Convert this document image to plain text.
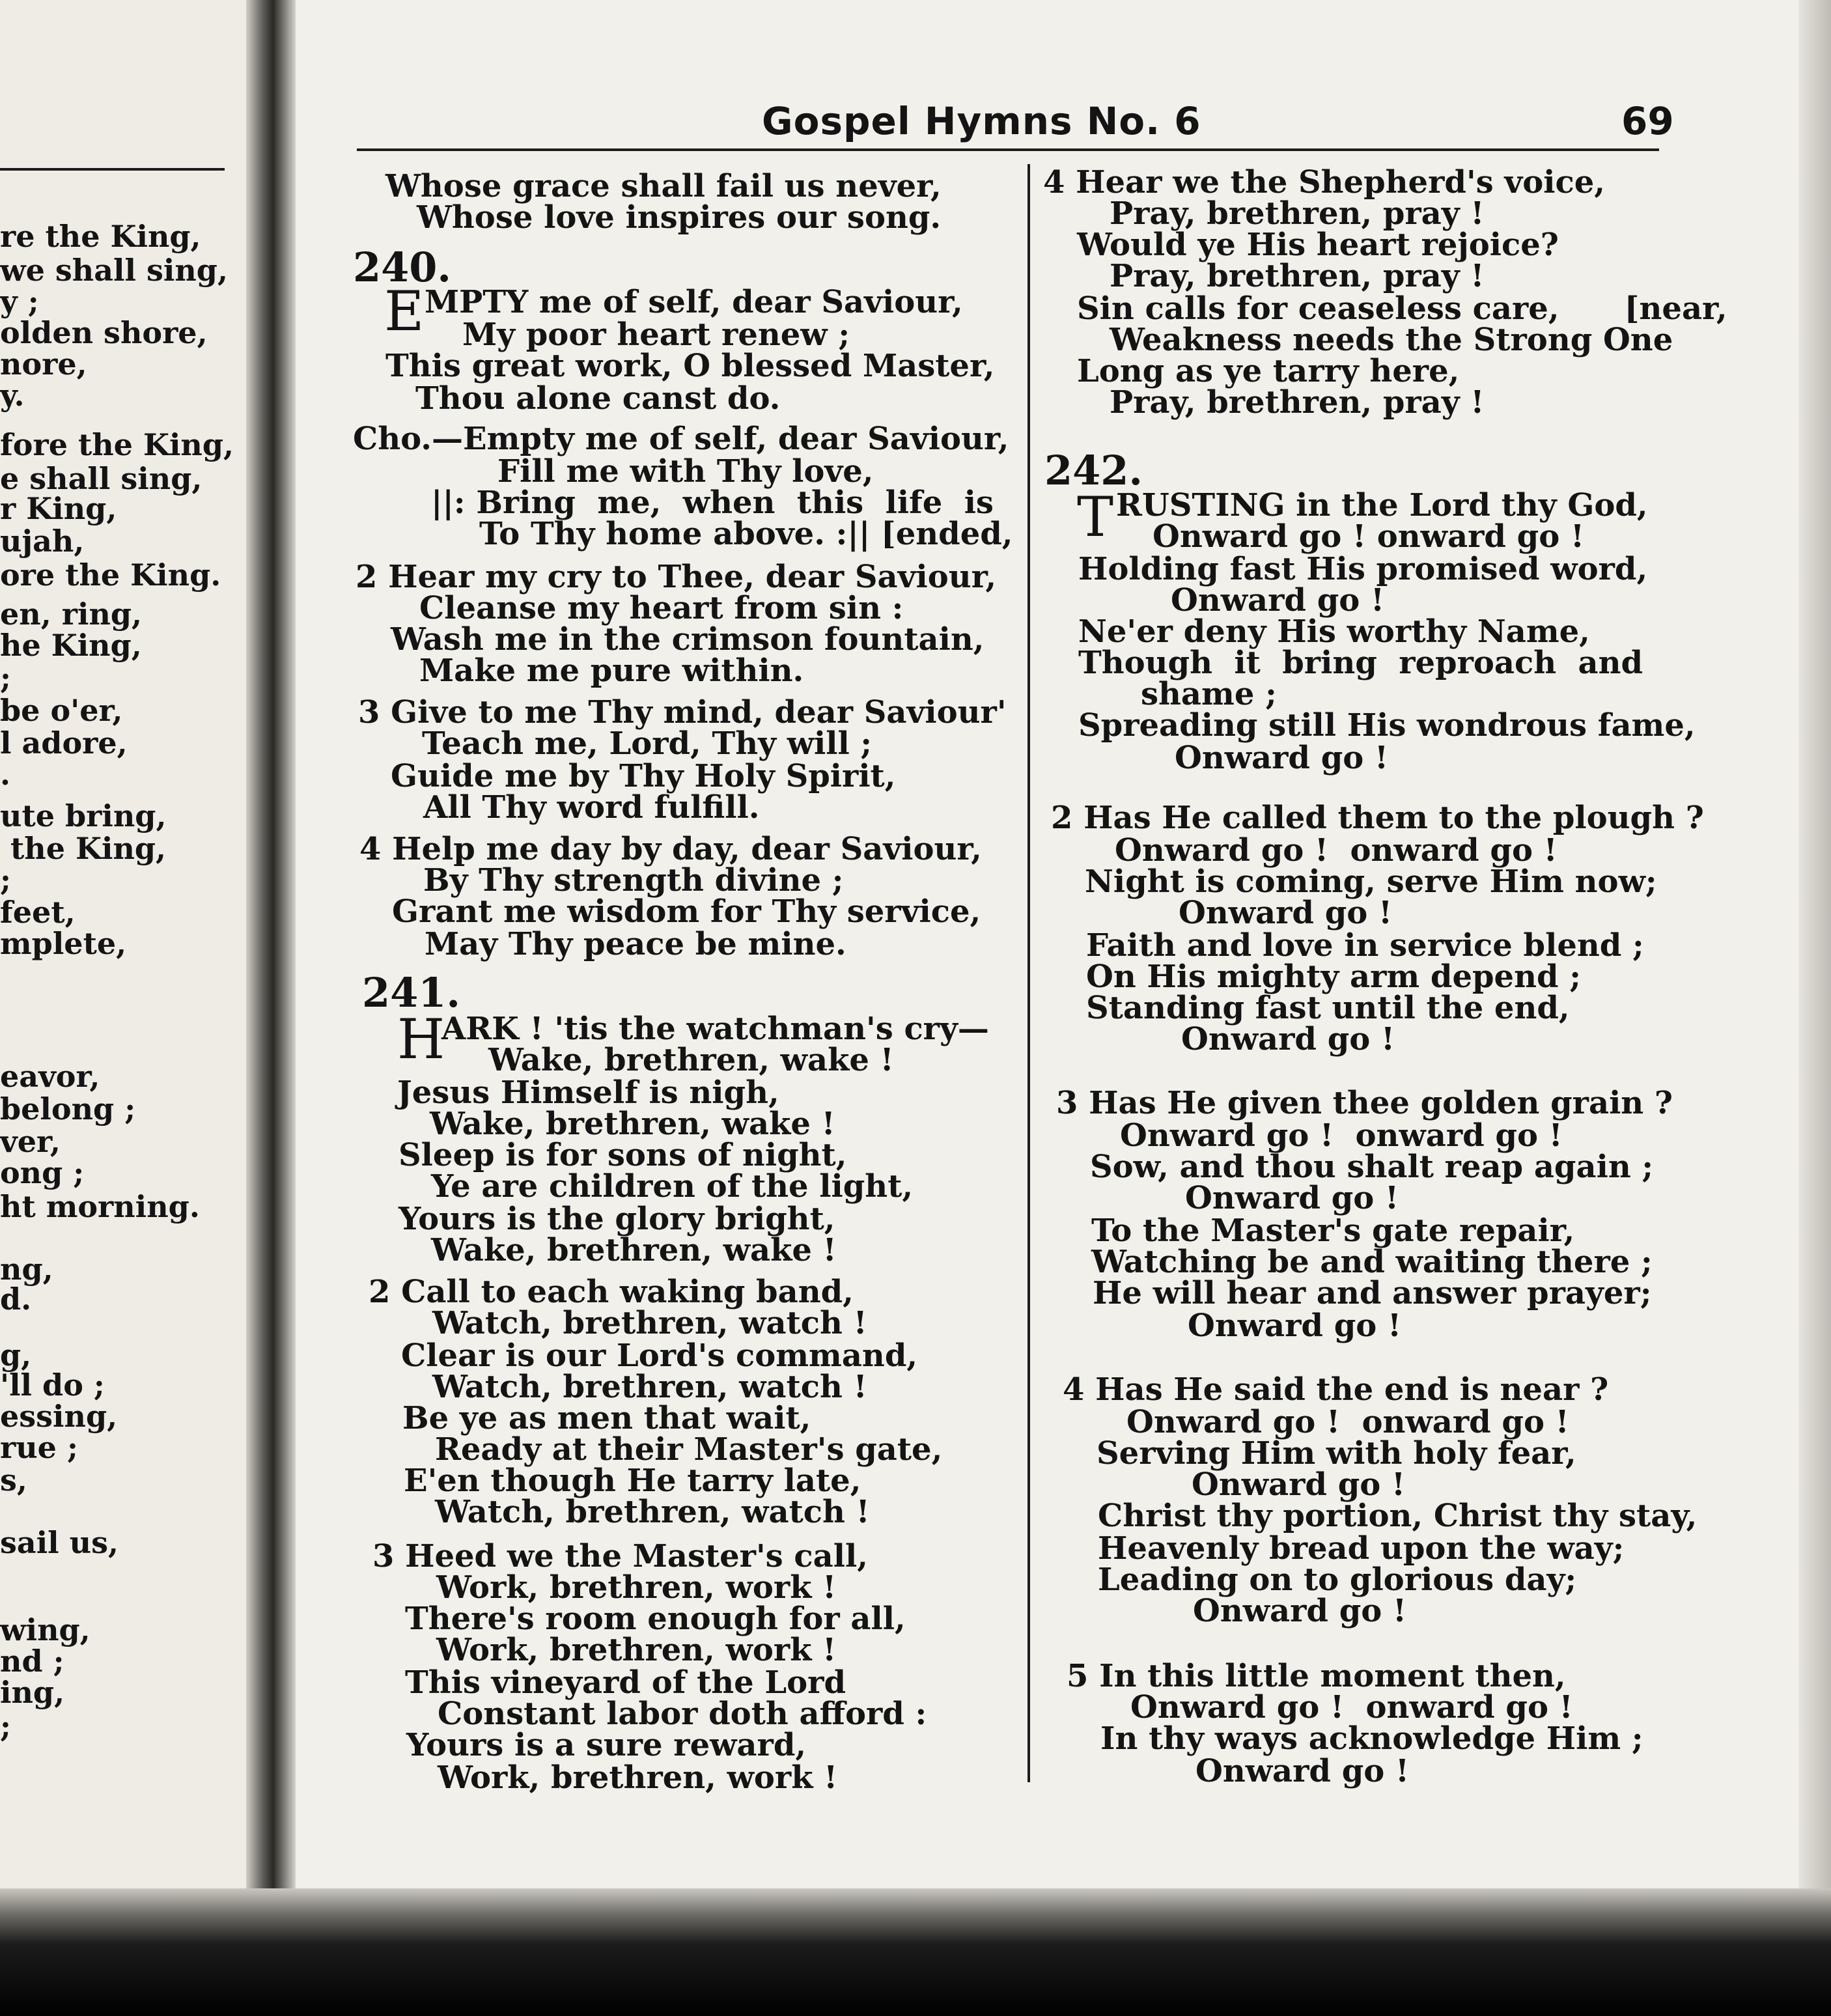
re the King,
we shall sing,
y ;
olden shore,
nore,
y.
fore the King,
e shall sing,
r King,
ujah,
ore the King.
en, ring,
he King,
;
be o'er,
l adore,
.
ute bring,
the King,
;
feet,
mplete,
eavor,
belong ;
ver,
ong ;
ht morning.
ng,
d.
g,
'll do ;
essing,
rue ;
s,
sail us,
wing,
nd ;
ing,
;
Gospel Hymns No. 6	69
Whose grace shall fail us never,
Whose love inspires our song.
240.
E MPTY me of self, dear Saviour,
My poor heart renew ;
This great work, O blessed Master,
Thou alone canst do.
Cho.—Empty me of self, dear Saviour,
Fill me with Thy love,
||: Bring  me,  when  this  life  is
To Thy home above. :|| [ended,
2 Hear my cry to Thee, dear Saviour,
Cleanse my heart from sin :
Wash me in the crimson fountain,
Make me pure within.
3 Give to me Thy mind, dear Saviour'
Teach me, Lord, Thy will ;
Guide me by Thy Holy Spirit,
All Thy word fulfill.
4 Help me day by day, dear Saviour,
By Thy strength divine ;
Grant me wisdom for Thy service,
May Thy peace be mine.
241.
H
ARK ! 'tis the watchman's cry—
Wake, brethren, wake !
Jesus Himself is nigh,
Wake, brethren, wake !
Sleep is for sons of night,
Ye are children of the light,
Yours is the glory bright,
Wake, brethren, wake !
2 Call to each waking band,
Watch, brethren, watch !
Clear is our Lord's command,
Watch, brethren, watch !
Be ye as men that wait,
Ready at their Master's gate,
E'en though He tarry late,
Watch, brethren, watch !
3 Heed we the Master's call,
Work, brethren, work !
There's room enough for all,
Work, brethren, work !
This vineyard of the Lord
Constant labor doth afford :
Yours is a sure reward,
Work, brethren, work !
4 Hear we the Shepherd's voice,
Pray, brethren, pray !
Would ye His heart rejoice?
Pray, brethren, pray !
Sin calls for ceaseless care,      [near,
Weakness needs the Strong One
Long as ye tarry here,
Pray, brethren, pray !
242.
T RUSTING in the Lord thy God,
Onward go ! onward go !
Holding fast His promised word,
Onward go !
Ne'er deny His worthy Name,
Though  it  bring  reproach  and
shame ;
Spreading still His wondrous fame,
Onward go !
2 Has He called them to the plough ?
Onward go !  onward go !
Night is coming, serve Him now;
Onward go !
Faith and love in service blend ;
On His mighty arm depend ;
Standing fast until the end,
Onward go !
3 Has He given thee golden grain ?
Onward go !  onward go !
Sow, and thou shalt reap again ;
Onward go !
To the Master's gate repair,
Watching be and waiting there ;
He will hear and answer prayer;
Onward go !
4 Has He said the end is near ?
Onward go !  onward go !
Serving Him with holy fear,
Onward go !
Christ thy portion, Christ thy stay,
Heavenly bread upon the way;
Leading on to glorious day;
Onward go !
5 In this little moment then,
Onward go !  onward go !
In thy ways acknowledge Him ;
Onward go !
